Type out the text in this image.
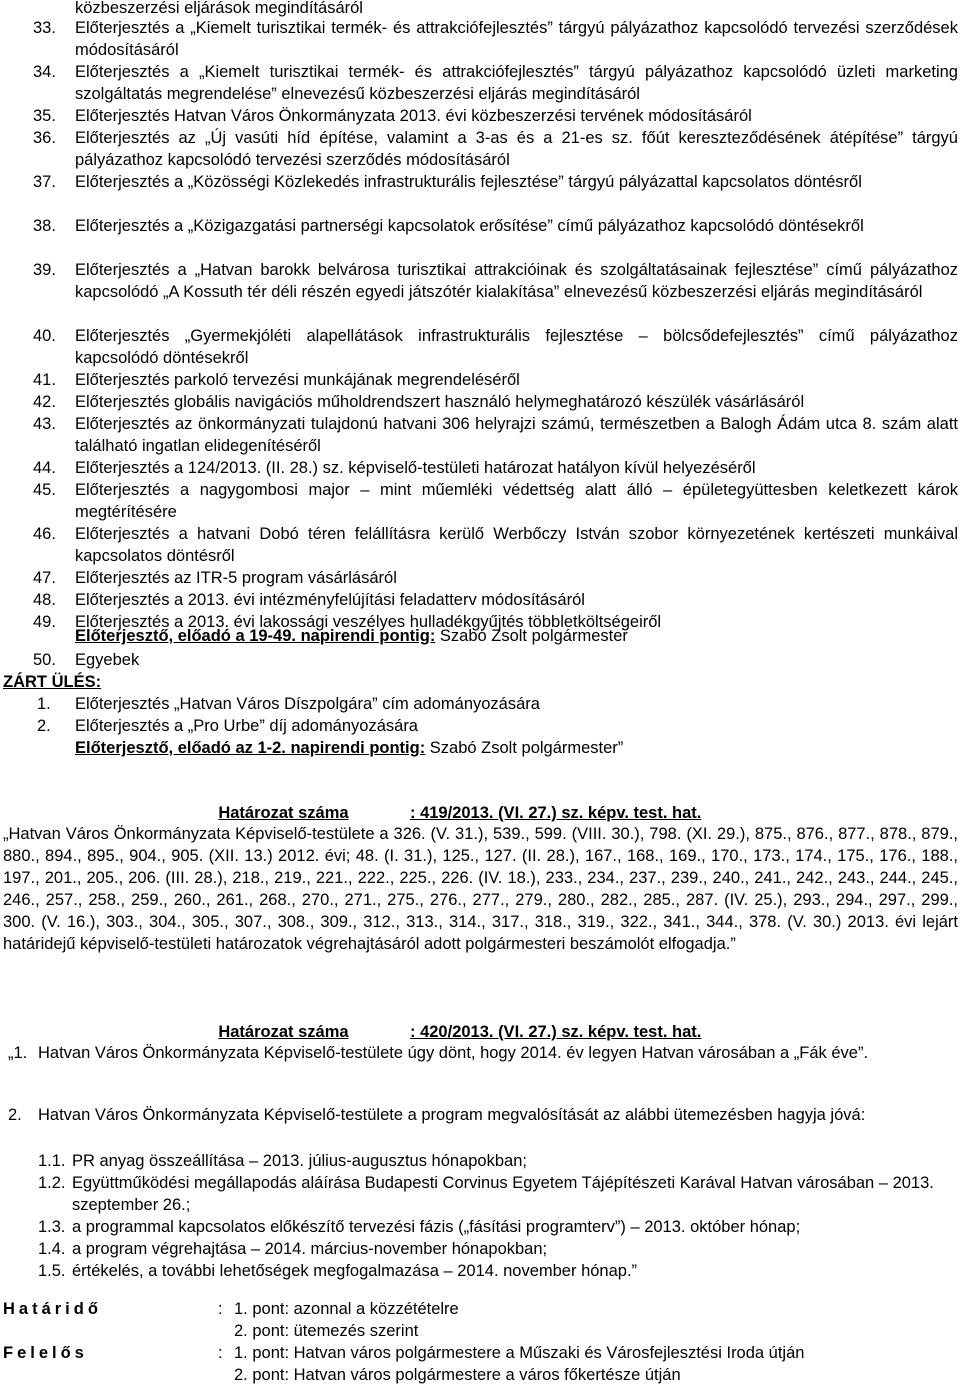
közbeszerzési eljárások megindításáról
33. Előterjesztés a „Kiemelt turisztikai termék- és attrakciófejlesztés” tárgyú pályázathoz kapcsolódó tervezési szerződések módosításáról
34. Előterjesztés a „Kiemelt turisztikai termék- és attrakciófejlesztés” tárgyú pályázathoz kapcsolódó üzleti marketing szolgáltatás megrendelése” elnevezésű közbeszerzési eljárás megindításáról
35. Előterjesztés Hatvan Város Önkormányzata 2013. évi közbeszerzési tervének módosításáról
36. Előterjesztés az „Új vasúti híd építése, valamint a 3-as és a 21-es sz. főút kereszteződésének átépítése” tárgyú pályázathoz kapcsolódó tervezési szerződés módosításáról
37. Előterjesztés a „Közösségi Közlekedés infrastrukturális fejlesztése” tárgyú pályázattal kapcsolatos döntésről
38. Előterjesztés a „Közigazgatási partnerségi kapcsolatok erősítése” című pályázathoz kapcsolódó döntésekről
39. Előterjesztés a „Hatvan barokk belvárosa turisztikai attrakcióinak és szolgáltatásainak fejlesztése” című pályázathoz kapcsolódó „A Kossuth tér déli részén egyedi játszótér kialakítása” elnevezésű közbeszerzési eljárás megindításáról
40. Előterjesztés „Gyermekjóléti alapellátások infrastrukturális fejlesztése – bölcsődefejlesztés” című pályázathoz kapcsolódó döntésekről
41. Előterjesztés parkoló tervezési munkájának megrendeléséről
42. Előterjesztés globális navigációs műholdrendszert használó helymeghatározó készülék vásárlásáról
43. Előterjesztés az önkormányzati tulajdonú hatvani 306 helyrajzi számú, természetben a Balogh Ádám utca 8. szám alatt található ingatlan elidegenítéséről
44. Előterjesztés a 124/2013. (II. 28.) sz. képviselő-testületi határozat hatályon kívül helyezéséről
45. Előterjesztés a nagygombosi major – mint műemléki védettség alatt álló – épületegyüttesben keletkezett károk megtérítésére
46. Előterjesztés a hatvani Dobó téren felállításra kerülő Werbőczy István szobor környezetének kertészeti munkáival kapcsolatos döntésről
47. Előterjesztés az ITR-5 program vásárlásáról
48. Előterjesztés a 2013. évi intézményfelújítási feladatterv módosításáról
49. Előterjesztés a 2013. évi lakossági veszélyes hulladékgyűjtés többletköltségeiről
Előterjesztő, előadó a 19-49. napirendi pontig: Szabó Zsolt polgármester
50. Egyebek
ZÁRT ÜLÉS:
1. Előterjesztés „Hatvan Város Díszpolgára” cím adományozására
2. Előterjesztés a „Pro Urbe” díj adományozására
Előterjesztő, előadó az 1-2. napirendi pontig: Szabó Zsolt polgármester”

Határozat száma	: 419/2013. (VI. 27.) sz. képv. test. hat.

„Hatvan Város Önkormányzata Képviselő-testülete a 326. (V. 31.), 539., 599. (VIII. 30.), 798. (XI. 29.), 875., 876., 877., 878., 879., 880., 894., 895., 904., 905. (XII. 13.) 2012. évi; 48. (I. 31.), 125., 127. (II. 28.), 167., 168., 169., 170., 173., 174., 175., 176., 188., 197., 201., 205., 206. (III. 28.), 218., 219., 221., 222., 225., 226. (IV. 18.), 233., 234., 237., 239., 240., 241., 242., 243., 244., 245., 246., 257., 258., 259., 260., 261., 268., 270., 271., 275., 276., 277., 279., 280., 282., 285., 287. (IV. 25.), 293., 294., 297., 299., 300. (V. 16.), 303., 304., 305., 307., 308., 309., 312., 313., 314., 317., 318., 319., 322., 341., 344., 378. (V. 30.) 2013. évi lejárt határidejű képviselő-testületi határozatok végrehajtásáról adott polgármesteri beszámolót elfogadja.”

Határozat száma	: 420/2013. (VI. 27.) sz. képv. test. hat.

„1. Hatvan Város Önkormányzata Képviselő-testülete úgy dönt, hogy 2014. év legyen Hatvan városában a „Fák éve”.
2. Hatvan Város Önkormányzata Képviselő-testülete a program megvalósítását az alábbi ütemezésben hagyja jóvá:
1.1. PR anyag összeállítása – 2013. július-augusztus hónapokban;
1.2. Együttműködési megállapodás aláírása Budapesti Corvinus Egyetem Tájépítészeti Karával Hatvan városában – 2013. szeptember 26.;
1.3. a programmal kapcsolatos előkészítő tervezési fázis („fásítási programterv”) – 2013. október hónap;
1.4. a program végrehajtása – 2014. március-november hónapokban;
1.5. értékelés, a további lehetőségek megfogalmazása – 2014. november hónap.”
Határidő	: 1. pont: azonnal a közzétételre
2. pont: ütemezés szerint
Felelős	: 1. pont: Hatvan város polgármestere a Műszaki és Városfejlesztési Iroda útján
2. pont: Hatvan város polgármestere a város főkertésze útján
